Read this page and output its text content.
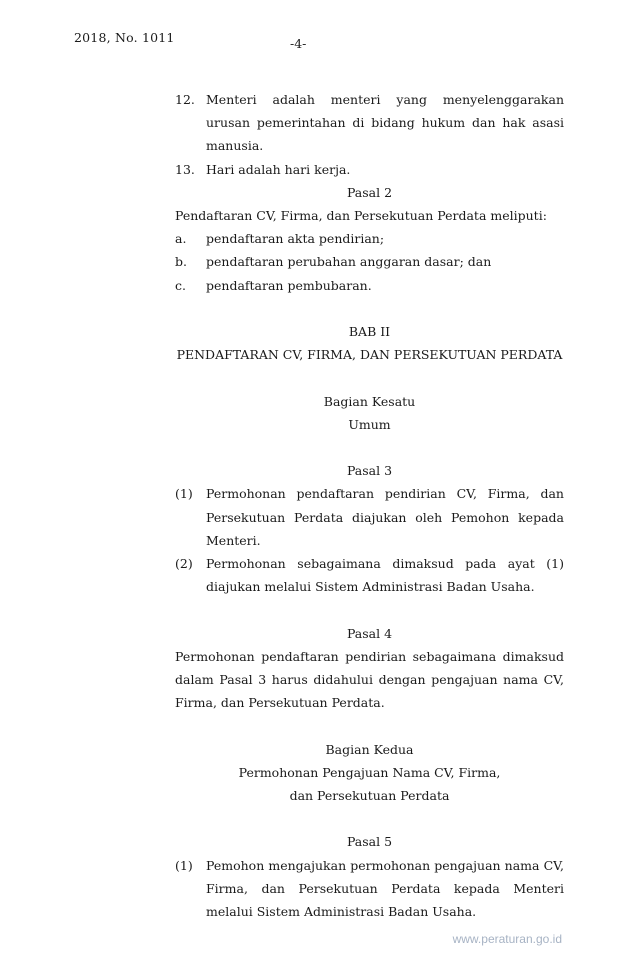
2018, No. 1011	-4-
12. Menteri adalah menteri yang menyelenggarakan urusan pemerintahan di bidang hukum dan hak asasi manusia.
13. Hari adalah hari kerja.
Pasal 2
Pendaftaran CV, Firma, dan Persekutuan Perdata meliputi:
a.	pendaftaran akta pendirian;
b.	pendaftaran perubahan anggaran dasar; dan
c.	pendaftaran pembubaran.
BAB II
PENDAFTARAN CV, FIRMA, DAN PERSEKUTUAN PERDATA
Bagian Kesatu
Umum
Pasal 3
(1)	Permohonan pendaftaran pendirian CV, Firma, dan Persekutuan Perdata diajukan oleh Pemohon kepada Menteri.
(2)	Permohonan sebagaimana dimaksud pada ayat (1) diajukan melalui Sistem Administrasi Badan Usaha.
Pasal 4
Permohonan pendaftaran pendirian sebagaimana dimaksud dalam Pasal 3 harus didahului dengan pengajuan nama CV, Firma, dan Persekutuan Perdata.
Bagian Kedua
Permohonan Pengajuan Nama CV, Firma,
dan Persekutuan Perdata
Pasal 5
(1)	Pemohon mengajukan permohonan pengajuan nama CV, Firma, dan Persekutuan Perdata kepada Menteri melalui Sistem Administrasi Badan Usaha.
www.peraturan.go.id
